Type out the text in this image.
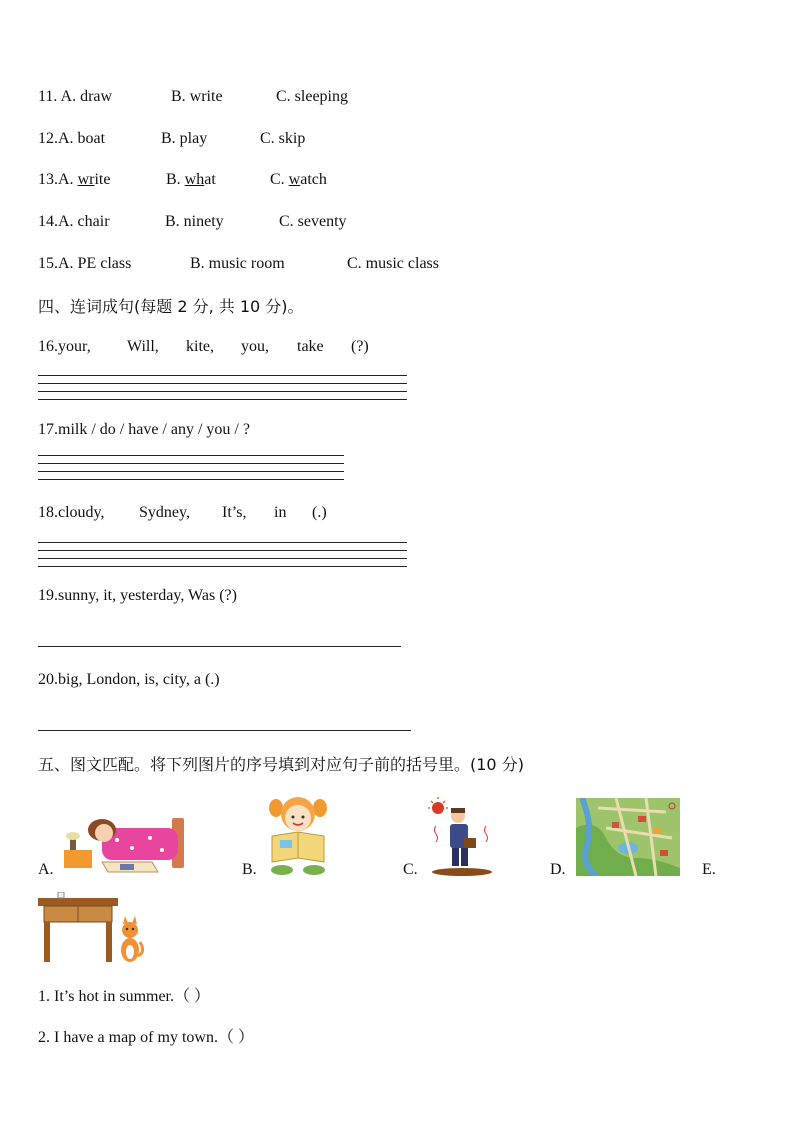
11. A. draw	B. write	C. sleeping
12.A. boat	B. play	C. skip
13.A. write	B. what	C. watch
14.A. chair	B. ninety	C. seventy
15.A. PE class	B. music room	C. music class
四、连词成句(每题 2 分, 共 10 分)。
16.your, Will, kite, you, take (?)
17.milk / do / have / any / you / ?
18.cloudy, Sydney, It’s, in (.)
19.sunny, it, yesterday, Was (?)
20.big, London, is, city, a (.)
五、图文匹配。将下列图片的序号填到对应句子前的括号里。(10 分)
A.	B.	C.	D.	E.
1. It’s hot in summer.（ ）
2. I have a map of my town.（ ）
